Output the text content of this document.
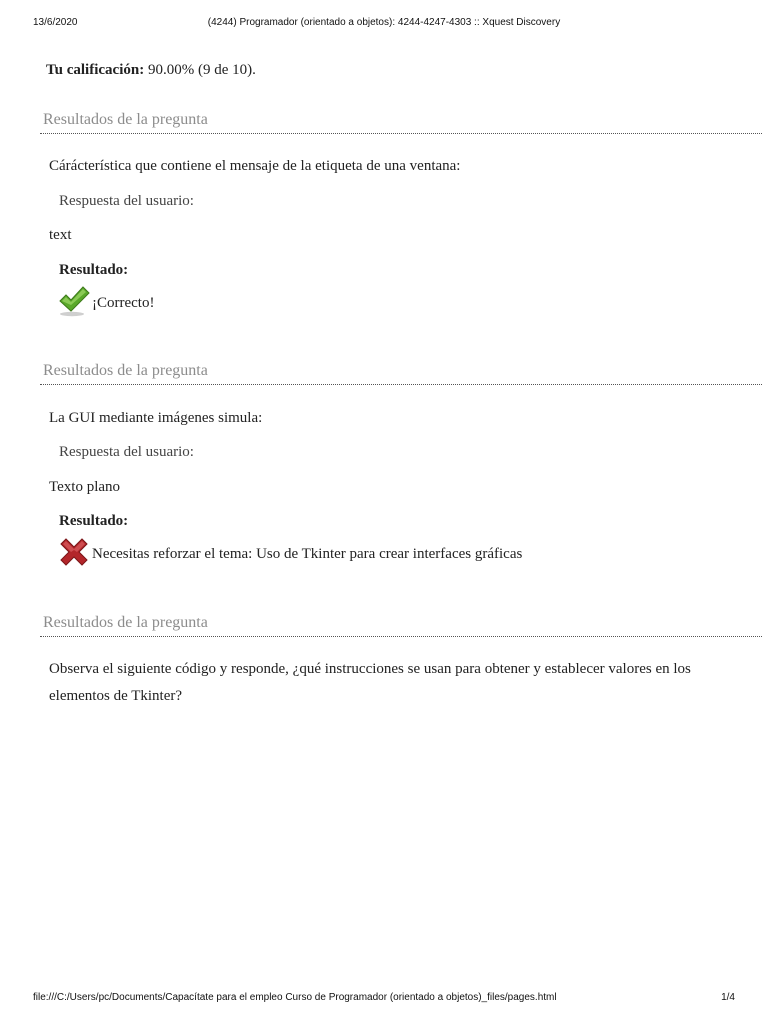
13/6/2020	(4244) Programador (orientado a objetos): 4244-4247-4303 :: Xquest Discovery
Tu calificación: 90.00% (9 de 10).
Resultados de la pregunta
Cárácterística que contiene el mensaje de la etiqueta de una ventana:
Respuesta del usuario:
text
Resultado:
¡Correcto!
Resultados de la pregunta
La GUI mediante imágenes simula:
Respuesta del usuario:
Texto plano
Resultado:
Necesitas reforzar el tema: Uso de Tkinter para crear interfaces gráficas
Resultados de la pregunta
Observa el siguiente código y responde, ¿qué instrucciones se usan para obtener y establecer valores en los elementos de Tkinter?
file:///C:/Users/pc/Documents/Capacítate para el empleo Curso de Programador (orientado a objetos)_files/pages.html	1/4
